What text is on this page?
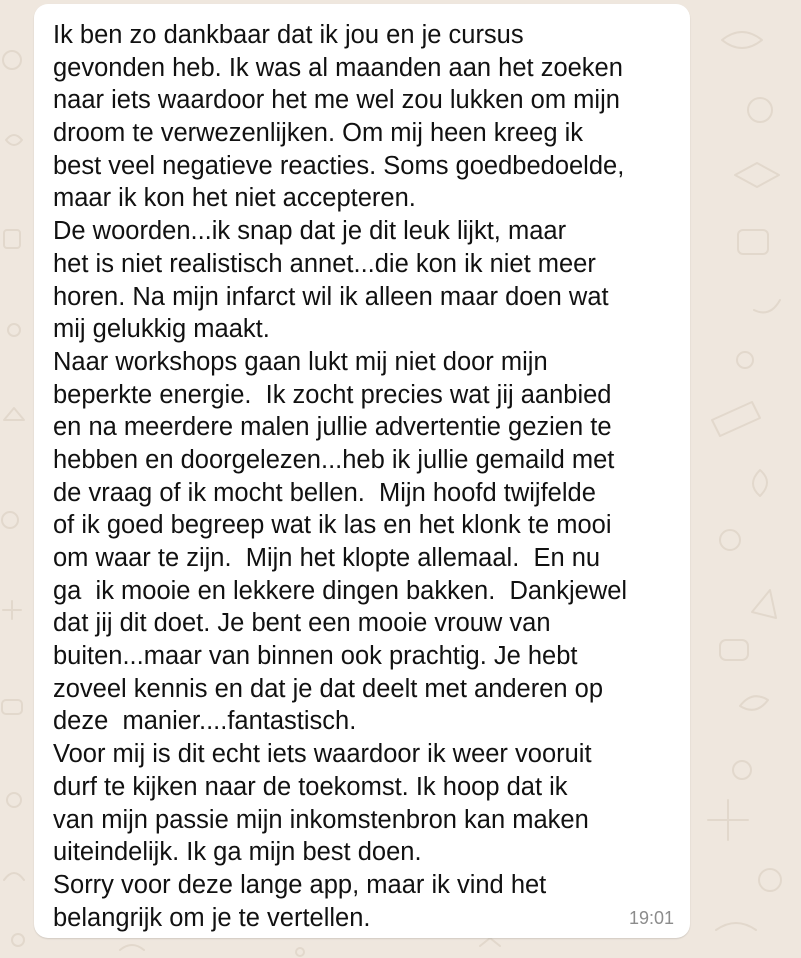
Ik ben zo dankbaar dat ik jou en je cursus
gevonden heb. Ik was al maanden aan het zoeken
naar iets waardoor het me wel zou lukken om mijn
droom te verwezenlijken. Om mij heen kreeg ik
best veel negatieve reacties. Soms goedbedoelde,
maar ik kon het niet accepteren.
De woorden...ik snap dat je dit leuk lijkt, maar
het is niet realistisch annet...die kon ik niet meer
horen. Na mijn infarct wil ik alleen maar doen wat
mij gelukkig maakt.
Naar workshops gaan lukt mij niet door mijn
beperkte energie.  Ik zocht precies wat jij aanbied
en na meerdere malen jullie advertentie gezien te
hebben en doorgelezen...heb ik jullie gemaild met
de vraag of ik mocht bellen.  Mijn hoofd twijfelde
of ik goed begreep wat ik las en het klonk te mooi
om waar te zijn.  Mijn het klopte allemaal.  En nu
ga  ik mooie en lekkere dingen bakken.  Dankjewel
dat jij dit doet. Je bent een mooie vrouw van
buiten...maar van binnen ook prachtig. Je hebt
zoveel kennis en dat je dat deelt met anderen op
deze  manier....fantastisch.
Voor mij is dit echt iets waardoor ik weer vooruit
durf te kijken naar de toekomst. Ik hoop dat ik
van mijn passie mijn inkomstenbron kan maken
uiteindelijk. Ik ga mijn best doen.
Sorry voor deze lange app, maar ik vind het
belangrijk om je te vertellen.	19:01
